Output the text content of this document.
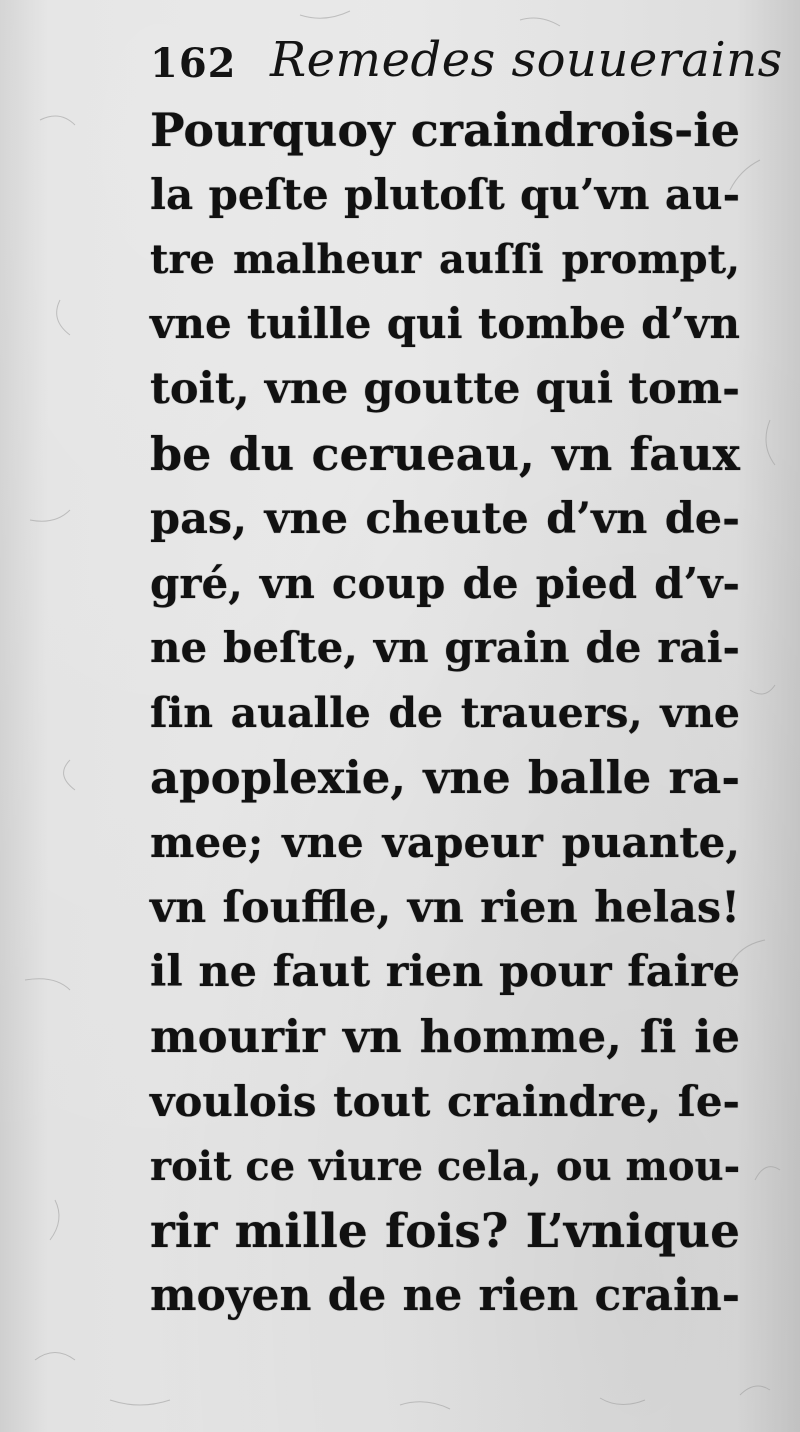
162 Remedes souuerains
Pourquoy craindrois-ie
la peſte plutoſt qu’vn au-
tre malheur auſſi prompt,
vne tuille qui tombe d’vn
toit, vne goutte qui tom-
be du cerueau, vn faux
pas, vne cheute d’vn de-
gré, vn coup de pied d’v-
ne beſte, vn grain de rai-
ſin aualle de trauers, vne
apoplexie, vne balle ra-
mee; vne vapeur puante,
vn ſouffle, vn rien helas!
il ne faut rien pour faire
mourir vn homme, ſi ie
voulois tout craindre, ſe-
roit ce viure cela, ou mou-
rir mille fois? L’vnique
moyen de ne rien crain-
